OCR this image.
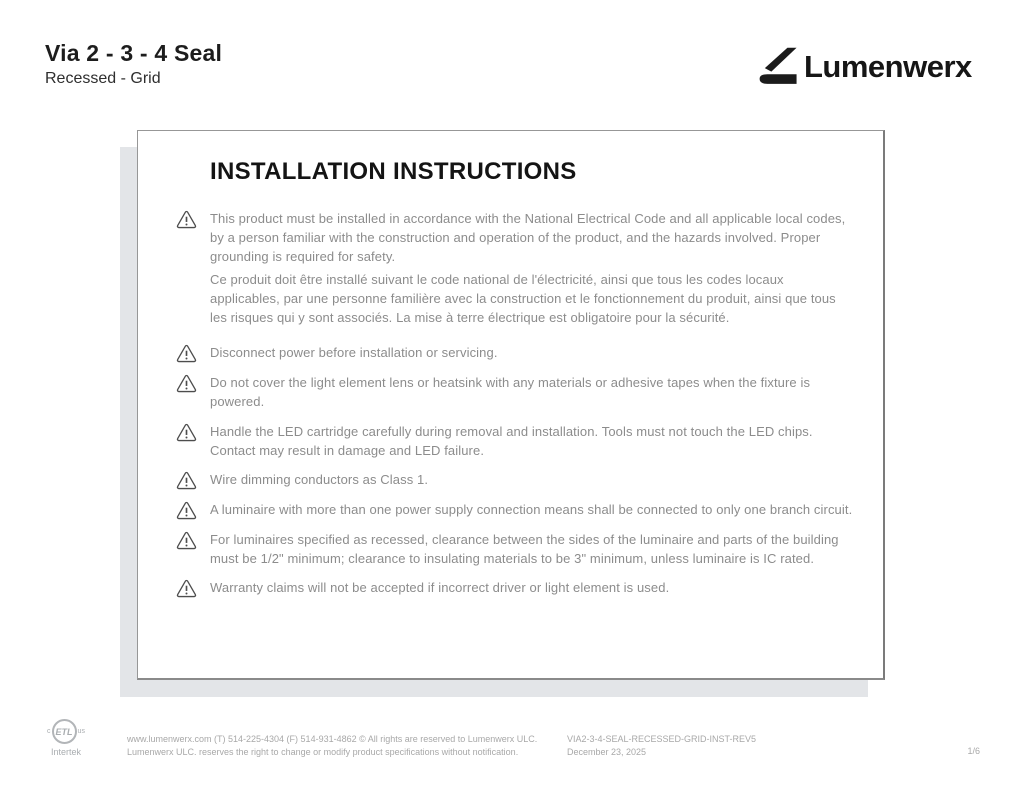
Via 2 - 3 - 4 Seal
Recessed - Grid	Lumenwerx
INSTALLATION INSTRUCTIONS

This product must be installed in accordance with the National Electrical Code and all applicable local codes, by a person familiar with the construction and operation of the product, and the hazards involved. Proper grounding is required for safety.

Ce produit doit être installé suivant le code national de l'électricité, ainsi que tous les codes locaux applicables, par une personne familière avec la construction et le fonctionnement du produit, ainsi que tous les risques qui y sont associés. La mise à terre électrique est obligatoire pour la sécurité.

Disconnect power before installation or servicing.

Do not cover the light element lens or heatsink with any materials or adhesive tapes when the fixture is powered.

Handle the LED cartridge carefully during removal and installation. Tools must not touch the LED chips. Contact may result in damage and LED failure.

Wire dimming conductors as Class 1.

A luminaire with more than one power supply connection means shall be connected to only one branch circuit.

For luminaires specified as recessed, clearance between the sides of the luminaire and parts of the building must be 1/2" minimum; clearance to insulating materials to be 3" minimum, unless luminaire is IC rated.

Warranty claims will not be accepted if incorrect driver or light element is used.

c ETL us
Intertek
www.lumenwerx.com (T) 514-225-4304 (F) 514-931-4862 © All rights are reserved to Lumenwerx ULC.
Lumenwerx ULC. reserves the right to change or modify product specifications without notification.
VIA2-3-4-SEAL-RECESSED-GRID-INST-REV5
December 23, 2025	1/6
